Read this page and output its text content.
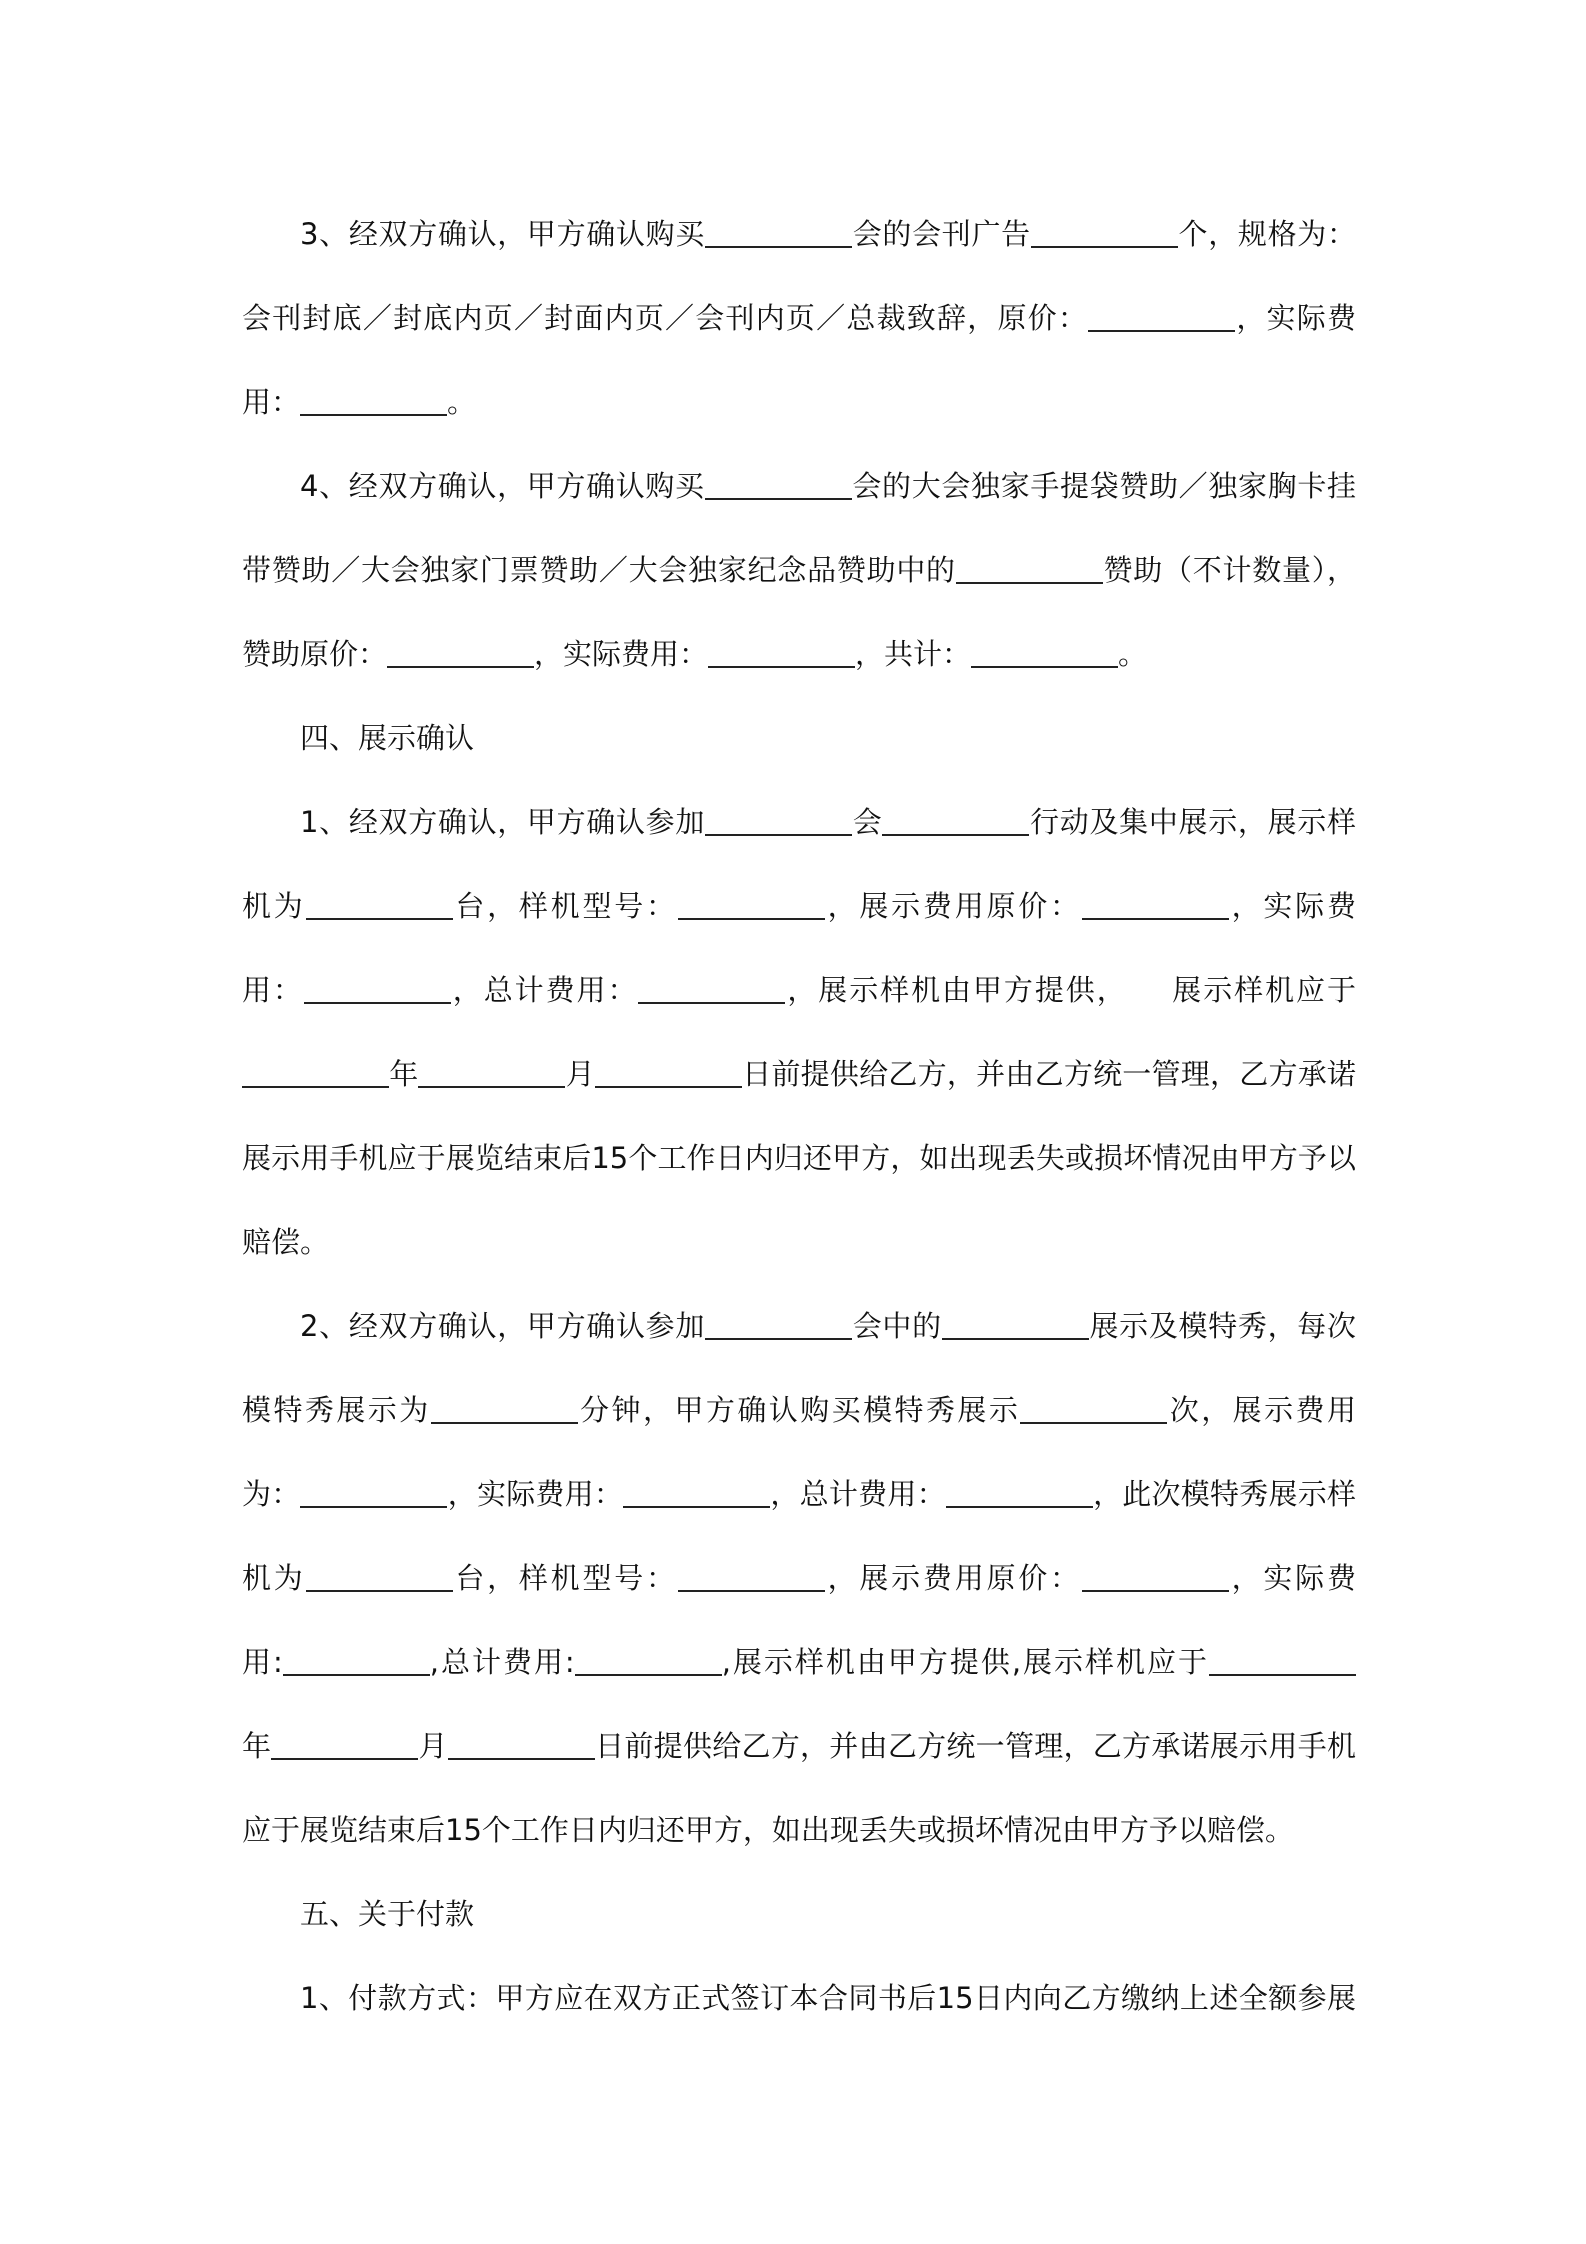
3、经双方确认，甲方确认购买	会的会刊广告	个，规格为：
会刊封底／封底内页／封面内页／会刊内页／总裁致辞，原价：	，实际费
用：	。
4、经双方确认，甲方确认购买	会的大会独家手提袋赞助／独家胸卡挂
带赞助／大会独家门票赞助／大会独家纪念品赞助中的	赞助（不计数量），
赞助原价：	，实际费用：	，共计：	。
四、展示确认
1、经双方确认，甲方确认参加	会	行动及集中展示，展示样
机为	台，样机型号：	，展示费用原价：	，实际费
用：	，总计费用：	，展示样机由甲方提供，    展示样机应于
年	月	日前提供给乙方，并由乙方统一管理，乙方承诺
展示用手机应于展览结束后15个工作日内归还甲方，如出现丢失或损坏情况由甲方予以
赔偿。
2、经双方确认，甲方确认参加	会中的	展示及模特秀，每次
模特秀展示为	分钟，甲方确认购买模特秀展示	次，展示费用
为：	，实际费用：	，总计费用：	，此次模特秀展示样
机为	台，样机型号：	，展示费用原价：	，实际费
用:	,总计费用:	,展示样机由甲方提供,展示样机应于
年	月	日前提供给乙方，并由乙方统一管理，乙方承诺展示用手机
应于展览结束后15个工作日内归还甲方，如出现丢失或损坏情况由甲方予以赔偿。
五、关于付款
1、付款方式：甲方应在双方正式签订本合同书后15日内向乙方缴纳上述全额参展
